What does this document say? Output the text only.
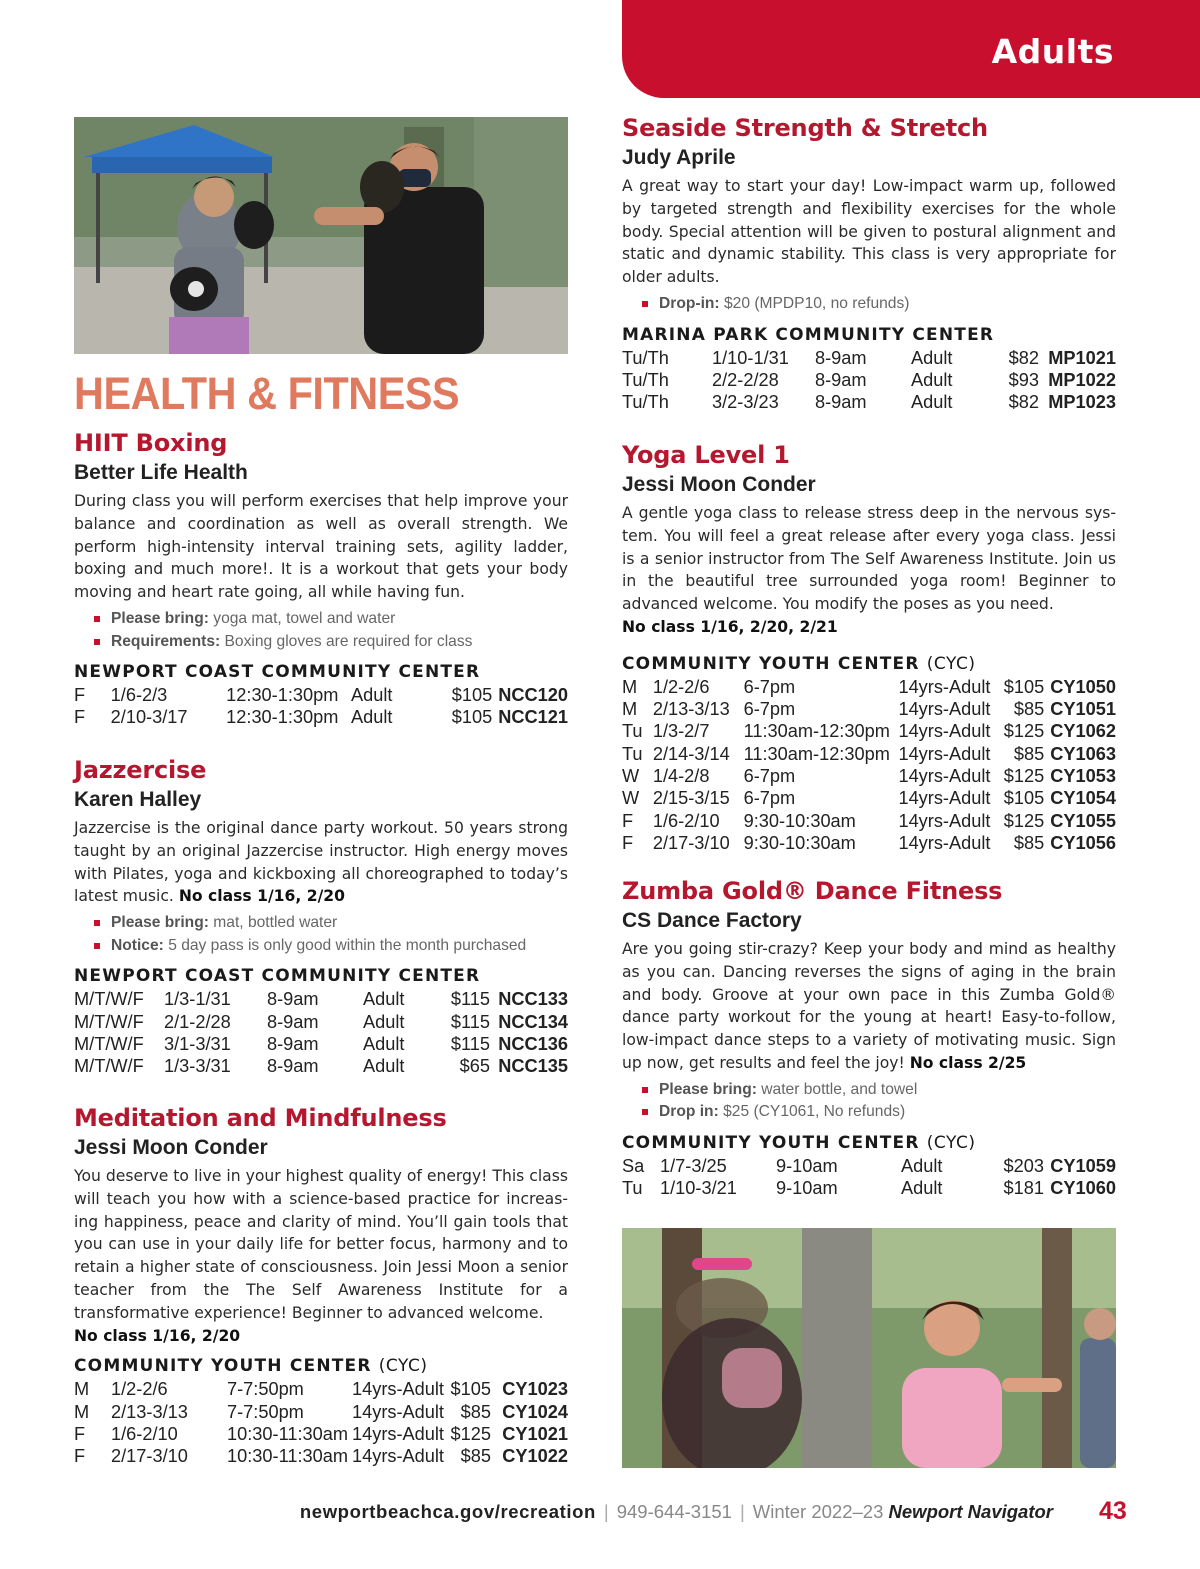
Adults
HEALTH & FITNESS
HIIT Boxing
Better Life Health
During class you will perform exercises that help improve your balance and coordination as well as overall strength. We perform high-intensity interval training sets, agility ladder, boxing and much more!. It is a workout that gets your body moving and heart rate going, all while having fun.
Please bring: yoga mat, towel and water
Requirements: Boxing gloves are required for class
NEWPORT COAST COMMUNITY CENTER
F	1/6-2/3	12:30-1:30pm	Adult	$105	NCC120
F	2/10-3/17	12:30-1:30pm	Adult	$105	NCC121
Jazzercise
Karen Halley
Jazzercise is the original dance party workout. 50 years strong taught by an original Jazzercise instructor. High energy moves with Pilates, yoga and kickboxing all choreographed to today’s latest music. No class 1/16, 2/20
Please bring: mat, bottled water
Notice: 5 day pass is only good within the month purchased
NEWPORT COAST COMMUNITY CENTER
M/T/W/F	1/3-1/31	8-9am	Adult	$115	NCC133
M/T/W/F	2/1-2/28	8-9am	Adult	$115	NCC134
M/T/W/F	3/1-3/31	8-9am	Adult	$115	NCC136
M/T/W/F	1/3-3/31	8-9am	Adult	$65	NCC135
Meditation and Mindfulness
Jessi Moon Conder
You deserve to live in your highest quality of energy! This class will teach you how with a science-based practice for increas-ing happiness, peace and clarity of mind. You’ll gain tools that you can use in your daily life for better focus, harmony and to retain a higher state of consciousness. Join Jessi Moon a senior teacher from the The Self Awareness Institute for a transformative experience! Beginner to advanced welcome.
No class 1/16, 2/20
COMMUNITY YOUTH CENTER (CYC)
M	1/2-2/6	7-7:50pm	14yrs-Adult	$105	CY1023
M	2/13-3/13	7-7:50pm	14yrs-Adult	$85	CY1024
F	1/6-2/10	10:30-11:30am	14yrs-Adult	$125	CY1021
F	2/17-3/10	10:30-11:30am	14yrs-Adult	$85	CY1022
Seaside Strength & Stretch
Judy Aprile
A great way to start your day! Low-impact warm up, followed by targeted strength and flexibility exercises for the whole body. Special attention will be given to postural alignment and static and dynamic stability. This class is very appropriate for older adults.
Drop-in: $20 (MPDP10, no refunds)
MARINA PARK COMMUNITY CENTER
Tu/Th	1/10-1/31	8-9am	Adult	$82	MP1021
Tu/Th	2/2-2/28	8-9am	Adult	$93	MP1022
Tu/Th	3/2-3/23	8-9am	Adult	$82	MP1023
Yoga Level 1
Jessi Moon Conder
A gentle yoga class to release stress deep in the nervous sys-tem. You will feel a great release after every yoga class. Jessi is a senior instructor from The Self Awareness Institute. Join us in the beautiful tree surrounded yoga room! Beginner to advanced welcome. You modify the poses as you need.
No class 1/16, 2/20, 2/21
COMMUNITY YOUTH CENTER (CYC)
M	1/2-2/6	6-7pm	14yrs-Adult	$105	CY1050
M	2/13-3/13	6-7pm	14yrs-Adult	$85	CY1051
Tu	1/3-2/7	11:30am-12:30pm	14yrs-Adult	$125	CY1062
Tu	2/14-3/14	11:30am-12:30pm	14yrs-Adult	$85	CY1063
W	1/4-2/8	6-7pm	14yrs-Adult	$125	CY1053
W	2/15-3/15	6-7pm	14yrs-Adult	$105	CY1054
F	1/6-2/10	9:30-10:30am	14yrs-Adult	$125	CY1055
F	2/17-3/10	9:30-10:30am	14yrs-Adult	$85	CY1056
Zumba Gold® Dance Fitness
CS Dance Factory
Are you going stir-crazy? Keep your body and mind as healthy as you can. Dancing reverses the signs of aging in the brain and body. Groove at your own pace in this Zumba Gold® dance party workout for the young at heart! Easy-to-follow, low-impact dance steps to a variety of motivating music. Sign up now, get results and feel the joy! No class 2/25
Please bring: water bottle, and towel
Drop in: $25 (CY1061, No refunds)
COMMUNITY YOUTH CENTER (CYC)
Sa	1/7-3/25	9-10am	Adult	$203	CY1059
Tu	1/10-3/21	9-10am	Adult	$181	CY1060
newportbeachca.gov/recreation | 949-644-3151 | Winter 2022–23 Newport Navigator 43
